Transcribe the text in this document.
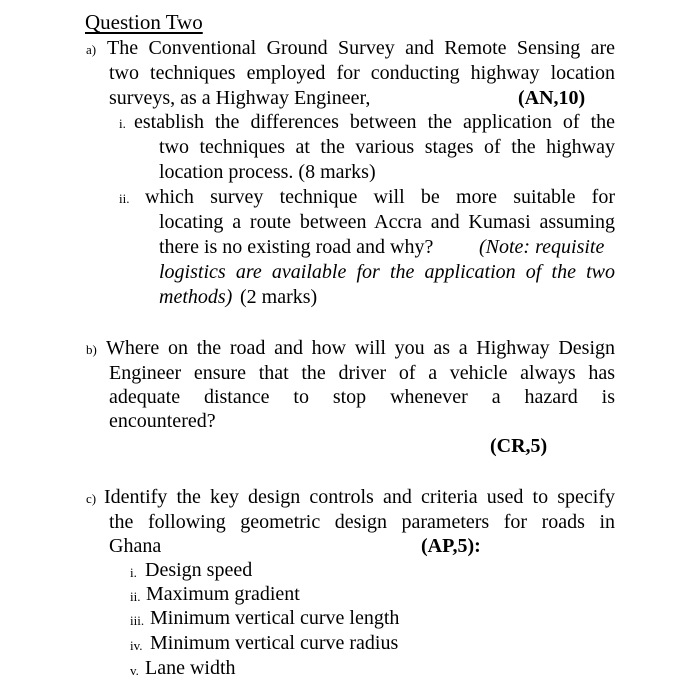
Question Two
a) The Conventional Ground Survey and Remote Sensing are
two techniques employed for conducting highway location
surveys, as a Highway Engineer,	(AN,10)
i. establish the differences between the application of the
two techniques at the various stages of the highway
location process. (8 marks)
ii. which survey technique will be more suitable for
locating a route between Accra and Kumasi assuming
there is no existing road and why? (Note: requisite
logistics are available for the application of the two
methods) (2 marks)
b) Where on the road and how will you as a Highway Design
Engineer ensure that the driver of a vehicle always has
adequate distance to stop whenever a hazard is
encountered?
(CR,5)
c) Identify the key design controls and criteria used to specify
the following geometric design parameters for roads in
Ghana	(AP,5):
i. Design speed
ii. Maximum gradient
iii. Minimum vertical curve length
iv. Minimum vertical curve radius
v. Lane width
